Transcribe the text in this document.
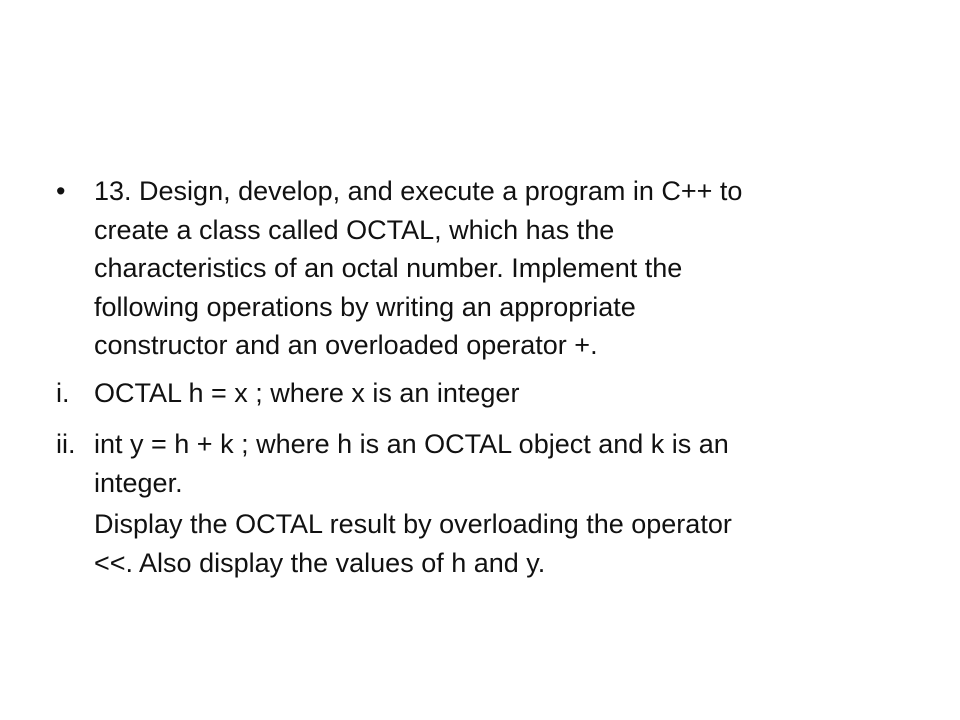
• 13. Design, develop, and execute a program in C++ to
create a class called OCTAL, which has the
characteristics of an octal number. Implement the
following operations by writing an appropriate
constructor and an overloaded operator +.
i. OCTAL h = x ; where x is an integer
ii. int y = h + k ; where h is an OCTAL object and k is an
integer.
Display the OCTAL result by overloading the operator
<<. Also display the values of h and y.
